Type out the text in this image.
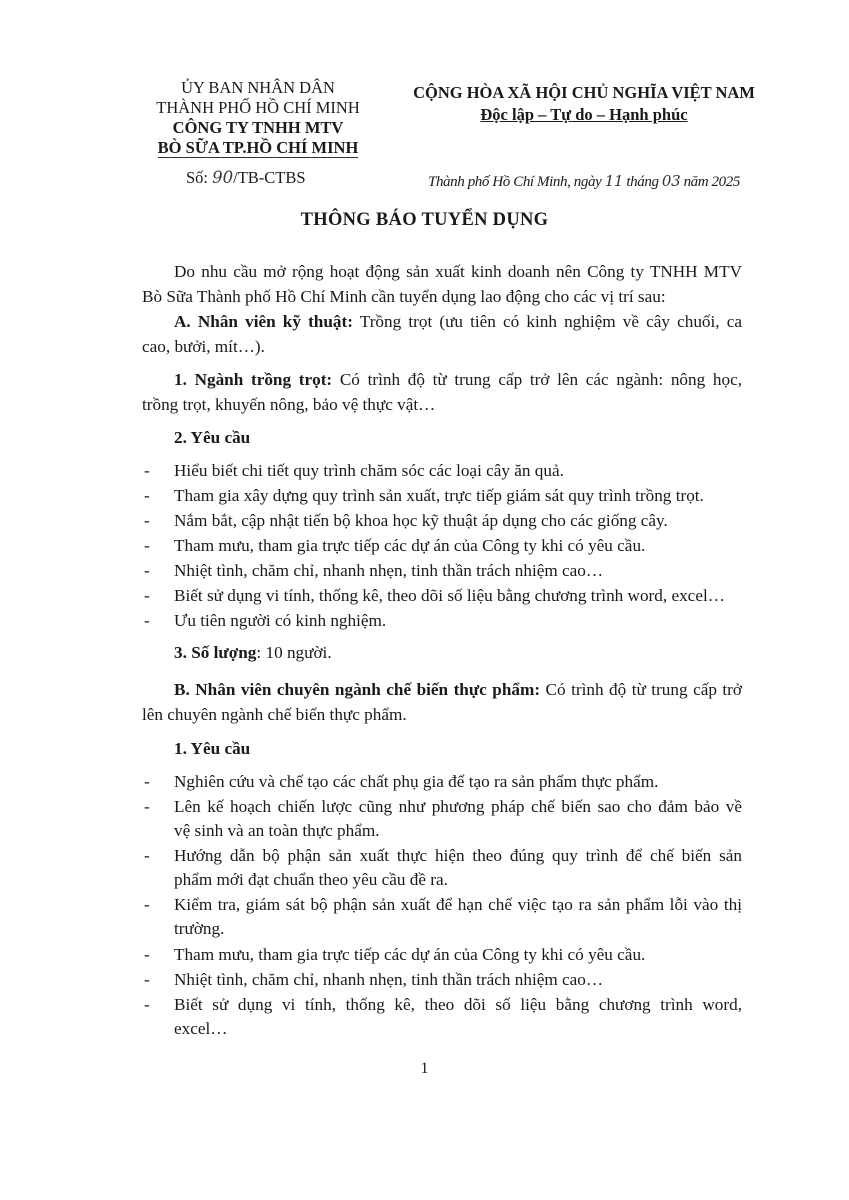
ỦY BAN NHÂN DÂN
THÀNH PHỐ HỒ CHÍ MINH
CÔNG TY TNHH MTV
BÒ SỮA TP.HỒ CHÍ MINH
CỘNG HÒA XÃ HỘI CHỦ NGHĨA VIỆT NAM
Độc lập – Tự do – Hạnh phúc
Số: 90/TB-CTBS	Thành phố Hồ Chí Minh, ngày 11 tháng 03 năm 2025
THÔNG BÁO TUYỂN DỤNG
Do nhu cầu mở rộng hoạt động sản xuất kinh doanh nên Công ty TNHH MTV
Bò Sữa Thành phố Hồ Chí Minh cần tuyển dụng lao động cho các vị trí sau:
A. Nhân viên kỹ thuật: Trồng trọt (ưu tiên có kinh nghiệm về cây chuối, ca
cao, bưởi, mít…).
1. Ngành trồng trọt: Có trình độ từ trung cấp trở lên các ngành: nông học,
trồng trọt, khuyến nông, bảo vệ thực vật…
2. Yêu cầu
- Hiểu biết chi tiết quy trình chăm sóc các loại cây ăn quả.
- Tham gia xây dựng quy trình sản xuất, trực tiếp giám sát quy trình trồng trọt.
- Nắm bắt, cập nhật tiến bộ khoa học kỹ thuật áp dụng cho các giống cây.
- Tham mưu, tham gia trực tiếp các dự án của Công ty khi có yêu cầu.
- Nhiệt tình, chăm chỉ, nhanh nhẹn, tinh thần trách nhiệm cao…
- Biết sử dụng vi tính, thống kê, theo dõi số liệu bằng chương trình word, excel…
- Ưu tiên người có kinh nghiệm.
3. Số lượng: 10 người.
B. Nhân viên chuyên ngành chế biến thực phẩm: Có trình độ từ trung cấp trở
lên chuyên ngành chế biến thực phẩm.
1. Yêu cầu
- Nghiên cứu và chế tạo các chất phụ gia để tạo ra sản phẩm thực phẩm.
- Lên kế hoạch chiến lược cũng như phương pháp chế biến sao cho đảm bảo về
vệ sinh và an toàn thực phẩm.
- Hướng dẫn bộ phận sản xuất thực hiện theo đúng quy trình để chế biến sản
phẩm mới đạt chuẩn theo yêu cầu đề ra.
- Kiểm tra, giám sát bộ phận sản xuất để hạn chế việc tạo ra sản phẩm lỗi vào thị
trường.
- Tham mưu, tham gia trực tiếp các dự án của Công ty khi có yêu cầu.
- Nhiệt tình, chăm chỉ, nhanh nhẹn, tinh thần trách nhiệm cao…
- Biết sử dụng vi tính, thống kê, theo dõi số liệu bằng chương trình word,
excel…
1
